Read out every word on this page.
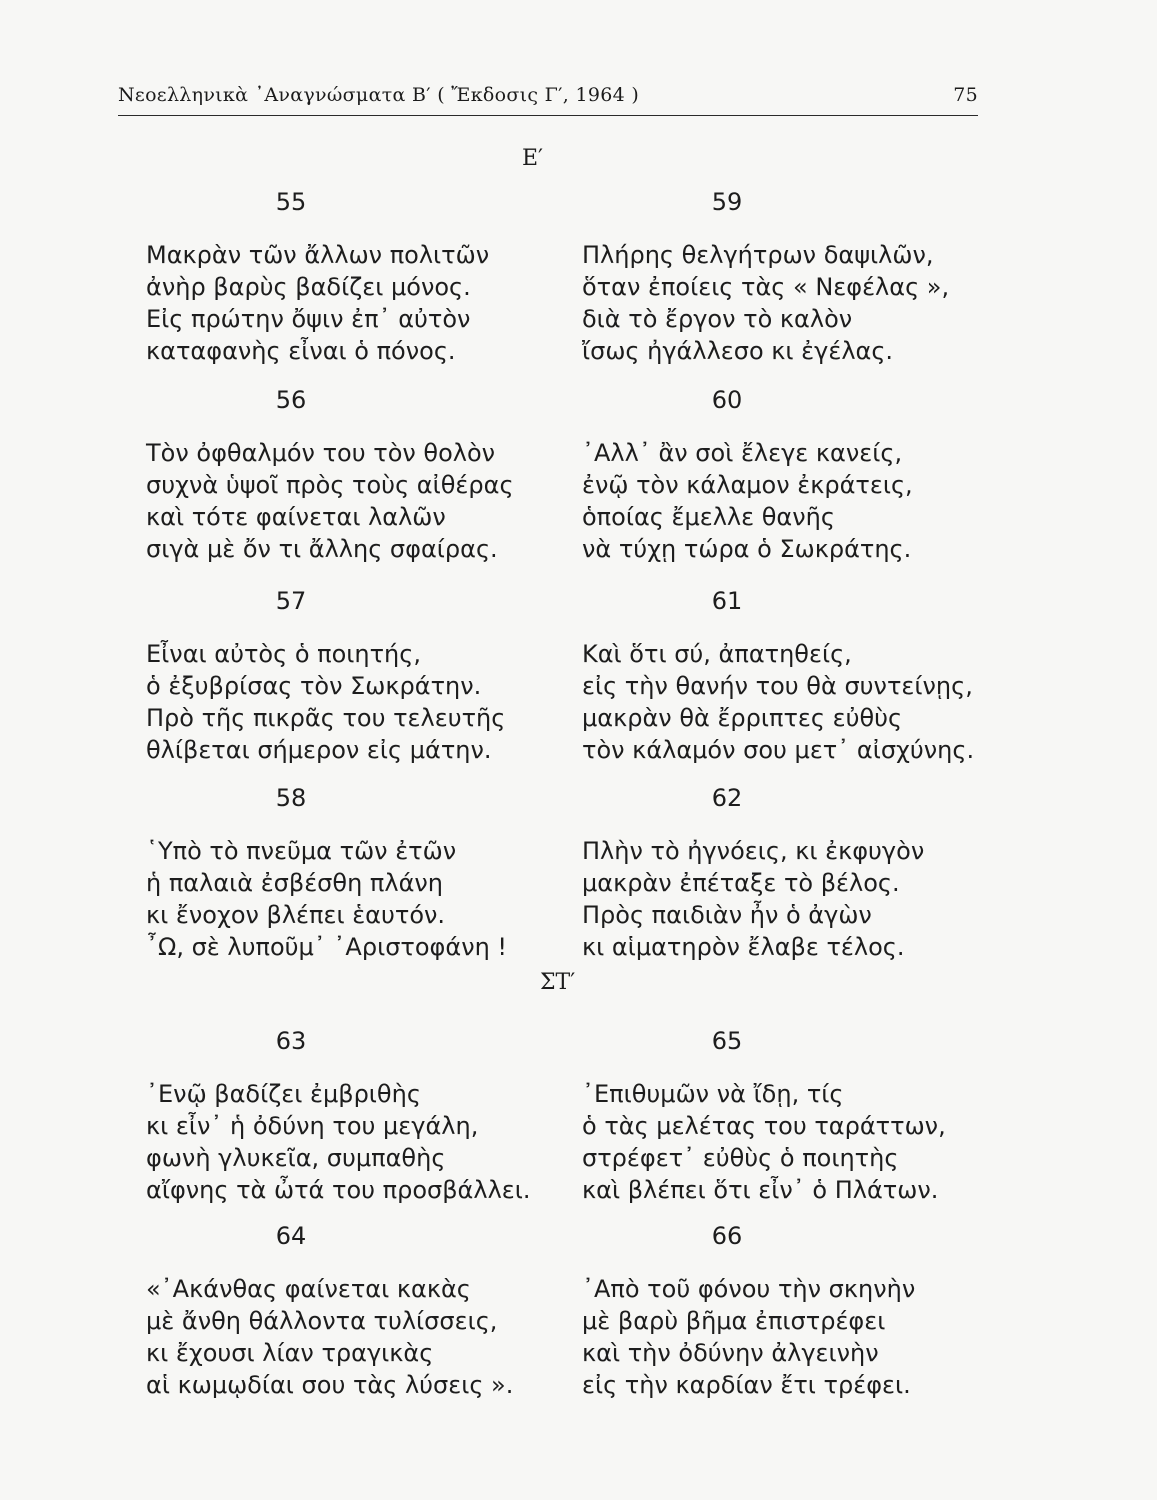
Νεοελληνικὰ ᾿Αναγνώσματα Β′ ( Ἔκδοσις Γ′, 1964 )	75
Ε′
ΣΤ′
55
Μακρὰν τῶν ἄλλων πολιτῶν
ἀνὴρ βαρὺς βαδίζει μόνος.
Εἰς πρώτην ὄψιν ἐπ᾿ αὐτὸν
καταφανὴς εἶναι ὁ πόνος.
56
Τὸν ὀφθαλμόν του τὸν θολὸν
συχνὰ ὑψοῖ πρὸς τοὺς αἰθέρας
καὶ τότε φαίνεται λαλῶν
σιγὰ μὲ ὄν τι ἄλλης σφαίρας.
57
Εἶναι αὐτὸς ὁ ποιητής,
ὁ ἐξυβρίσας τὸν Σωκράτην.
Πρὸ τῆς πικρᾶς του τελευτῆς
θλίβεται σήμερον εἰς μάτην.
58
῾Υπὸ τὸ πνεῦμα τῶν ἐτῶν
ἡ παλαιὰ ἐσβέσθη πλάνη
κι ἔνοχον βλέπει ἑαυτόν.
῏Ω, σὲ λυποῦμ᾿ ᾿Αριστοφάνη !
59
Πλήρης θελγήτρων δαψιλῶν,
ὅταν ἐποίεις τὰς « Νεφέλας »,
διὰ τὸ ἔργον τὸ καλὸν
ἴσως ἠγάλλεσο κι ἐγέλας.
60
᾿Αλλ᾿ ἂν σοὶ ἔλεγε κανείς,
ἐνῷ τὸν κάλαμον ἐκράτεις,
ὁποίας ἔμελλε θανῆς
νὰ τύχῃ τώρα ὁ Σωκράτης.
61
Καὶ ὅτι σύ, ἀπατηθείς,
εἰς τὴν θανήν του θὰ συντείνῃς,
μακρὰν θὰ ἔρριπτες εὐθὺς
τὸν κάλαμόν σου μετ᾿ αἰσχύνης.
62
Πλὴν τὸ ἠγνόεις, κι ἐκφυγὸν
μακρὰν ἐπέταξε τὸ βέλος.
Πρὸς παιδιὰν ἦν ὁ ἀγὼν
κι αἱματηρὸν ἔλαβε τέλος.
63
᾿Ενῷ βαδίζει ἐμβριθὴς
κι εἶν᾿ ἡ ὀδύνη του μεγάλη,
φωνὴ γλυκεῖα, συμπαθὴς
αἴφνης τὰ ὦτά του προσβάλλει.
64
«᾿Ακάνθας φαίνεται κακὰς
μὲ ἄνθη θάλλοντα τυλίσσεις,
κι ἔχουσι λίαν τραγικὰς
αἱ κωμῳδίαι σου τὰς λύσεις ».
65
᾿Επιθυμῶν νὰ ἴδῃ, τίς
ὁ τὰς μελέτας του ταράττων,
στρέφετ᾿ εὐθὺς ὁ ποιητὴς
καὶ βλέπει ὅτι εἶν᾿ ὁ Πλάτων.
66
᾿Απὸ τοῦ φόνου τὴν σκηνὴν
μὲ βαρὺ βῆμα ἐπιστρέφει
καὶ τὴν ὀδύνην ἀλγεινὴν
εἰς τὴν καρδίαν ἔτι τρέφει.
